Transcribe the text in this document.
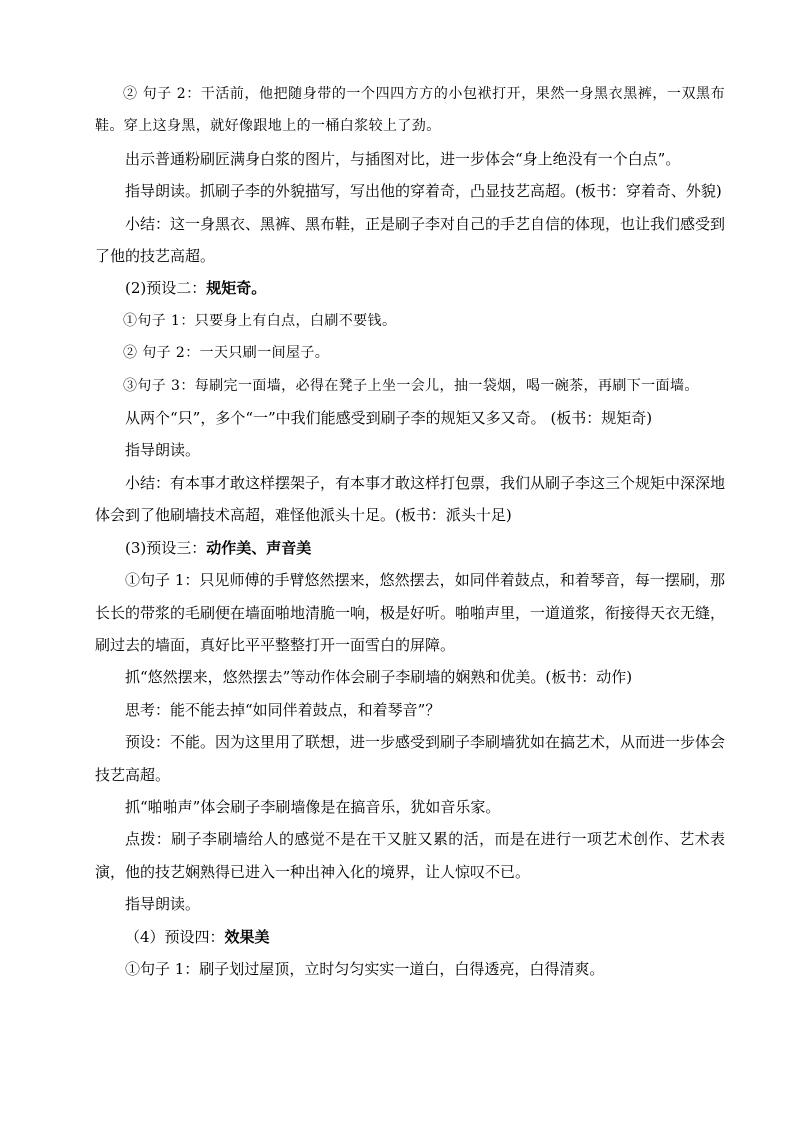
② 句子 2：干活前，他把随身带的一个四四方方的小包袱打开，果然一身黑衣黑裤，一双黑布鞋。穿上这身黑，就好像跟地上的一桶白浆较上了劲。

出示普通粉刷匠满身白浆的图片，与插图对比，进一步体会“身上绝没有一个白点”。

指导朗读。抓刷子李的外貌描写，写出他的穿着奇，凸显技艺高超。(板书：穿着奇、外貌)

小结：这一身黑衣、黑裤、黑布鞋，正是刷子李对自己的手艺自信的体现，也让我们感受到了他的技艺高超。

(2)预设二：规矩奇。

①句子 1：只要身上有白点，白刷不要钱。

② 句子 2：一天只刷一间屋子。

③句子 3：每刷完一面墙，必得在凳子上坐一会儿，抽一袋烟，喝一碗茶，再刷下一面墙。

从两个“只”，多个“一”中我们能感受到刷子李的规矩又多又奇。 (板书：规矩奇)

指导朗读。

小结：有本事才敢这样摆架子，有本事才敢这样打包票，我们从刷子李这三个规矩中深深地体会到了他刷墙技术高超，难怪他派头十足。(板书：派头十足)

(3)预设三：动作美、声音美

①句子 1：只见师傅的手臂悠然摆来，悠然摆去，如同伴着鼓点，和着琴音，每一摆刷，那长长的带浆的毛刷便在墙面啪地清脆一响，极是好听。啪啪声里，一道道浆，衔接得天衣无缝，刷过去的墙面，真好比平平整整打开一面雪白的屏障。

抓“悠然摆来，悠然摆去”等动作体会刷子李刷墙的娴熟和优美。(板书：动作)

思考：能不能去掉“如同伴着鼓点，和着琴音”？

预设：不能。因为这里用了联想，进一步感受到刷子李刷墙犹如在搞艺术，从而进一步体会技艺高超。

抓“啪啪声”体会刷子李刷墙像是在搞音乐，犹如音乐家。

点拨：刷子李刷墙给人的感觉不是在干又脏又累的活，而是在进行一项艺术创作、艺术表演，他的技艺娴熟得已进入一种出神入化的境界，让人惊叹不已。

指导朗读。

（4）预设四：效果美

①句子 1：刷子划过屋顶，立时匀匀实实一道白，白得透亮，白得清爽。
